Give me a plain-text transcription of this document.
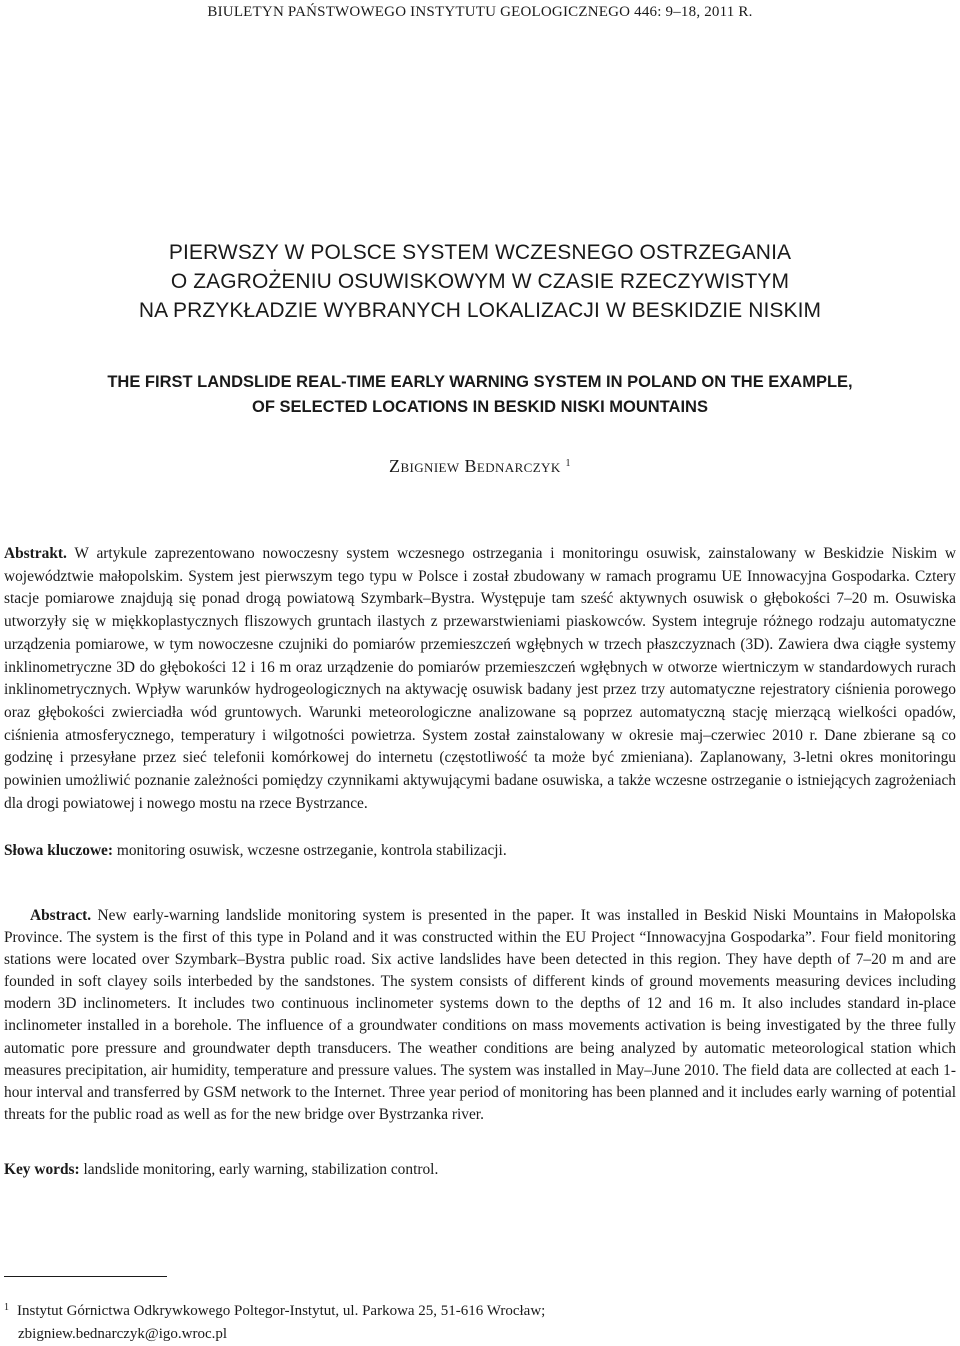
BIULETYN PAŃSTWOWEGO INSTYTUTU GEOLOGICZNEGO 446: 9–18, 2011 R.
PIERWSZY W POLSCE SYSTEM WCZESNEGO OSTRZEGANIA
O ZAGROŻENIU OSUWISKOWYM W CZASIE RZECZYWISTYM
NA PRZYKŁADZIE WYBRANYCH LOKALIZACJI W BESKIDZIE NISKIM
THE FIRST LANDSLIDE REAL-TIME EARLY WARNING SYSTEM IN POLAND ON THE EXAMPLE,
OF SELECTED LOCATIONS IN BESKID NISKI MOUNTAINS
Zbigniew Bednarczyk $^1$

Abstrakt. W artykule zaprezentowano nowoczesny system wczesnego ostrzegania i monitoringu osuwisk, zainstalowany w Beskidzie Niskim w województwie małopolskim. System jest pierwszym tego typu w Polsce i został zbudowany w ramach programu UE Innowacyjna Gospodarka. Cztery stacje pomiarowe znajdują się ponad drogą powiatową Szymbark–Bystra. Występuje tam sześć aktywnych osuwisk o głębokości 7–20 m. Osuwiska utworzyły się w miękkoplastycznych fliszowych gruntach ilastych z przewarstwieniami piaskowców. System integruje różnego rodzaju automatyczne urządzenia pomiarowe, w tym nowoczesne czujniki do pomiarów przemieszczeń wgłębnych w trzech płaszczyznach (3D). Zawiera dwa ciągłe systemy inklinometryczne 3D do głębokości 12 i 16 m oraz urządzenie do pomiarów przemieszczeń wgłębnych w otworze wiertniczym w standardowych rurach inklinometrycznych. Wpływ warunków hydrogeologicznych na aktywację osuwisk badany jest przez trzy automatyczne rejestratory ciśnienia porowego oraz głębokości zwierciadła wód gruntowych. Warunki meteorologiczne analizowane są poprzez automatyczną stację mierzącą wielkości opadów, ciśnienia atmosferycznego, temperatury i wilgotności powietrza. System został zainstalowany w okresie maj–czerwiec 2010 r. Dane zbierane są co godzinę i przesyłane przez sieć telefonii komórkowej do internetu (częstotliwość ta może być zmieniana). Zaplanowany, 3-letni okres monitoringu powinien umożliwić poznanie zależności pomiędzy czynnikami aktywującymi badane osuwiska, a także wczesne ostrzeganie o istniejących zagrożeniach dla drogi powiatowej i nowego mostu na rzece Bystrzance.

Słowa kluczowe: monitoring osuwisk, wczesne ostrzeganie, kontrola stabilizacji.

Abstract. New early-warning landslide monitoring system is presented in the paper. It was installed in Beskid Niski Mountains in Małopolska Province. The system is the first of this type in Poland and it was constructed within the EU Project “Innowacyjna Gospodarka”. Four field monitoring stations were located over Szymbark–Bystra public road. Six active landslides have been detected in this region. They have depth of 7–20 m and are founded in soft clayey soils interbeded by the sandstones. The system consists of different kinds of ground movements measuring devices including modern 3D inclinometers. It includes two continuous inclinometer systems down to the depths of 12 and 16 m. It also includes standard in-place inclinometer installed in a borehole. The influence of a groundwater conditions on mass movements activation is being investigated by the three fully automatic pore pressure and groundwater depth transducers. The weather conditions are being analyzed by automatic meteorological station which measures precipitation, air humidity, temperature and pressure values. The system was installed in May–June 2010. The field data are collected at each 1-hour interval and transferred by GSM network to the Internet. Three year period of monitoring has been planned and it includes early warning of potential threats for the public road as well as for the new bridge over Bystrzanka river.

Key words: landslide monitoring, early warning, stabilization control.

$^1$ Instytut Górnictwa Odkrywkowego Poltegor-Instytut, ul. Parkowa 25, 51-616 Wrocław;
zbigniew.bednarczyk@igo.wroc.pl
